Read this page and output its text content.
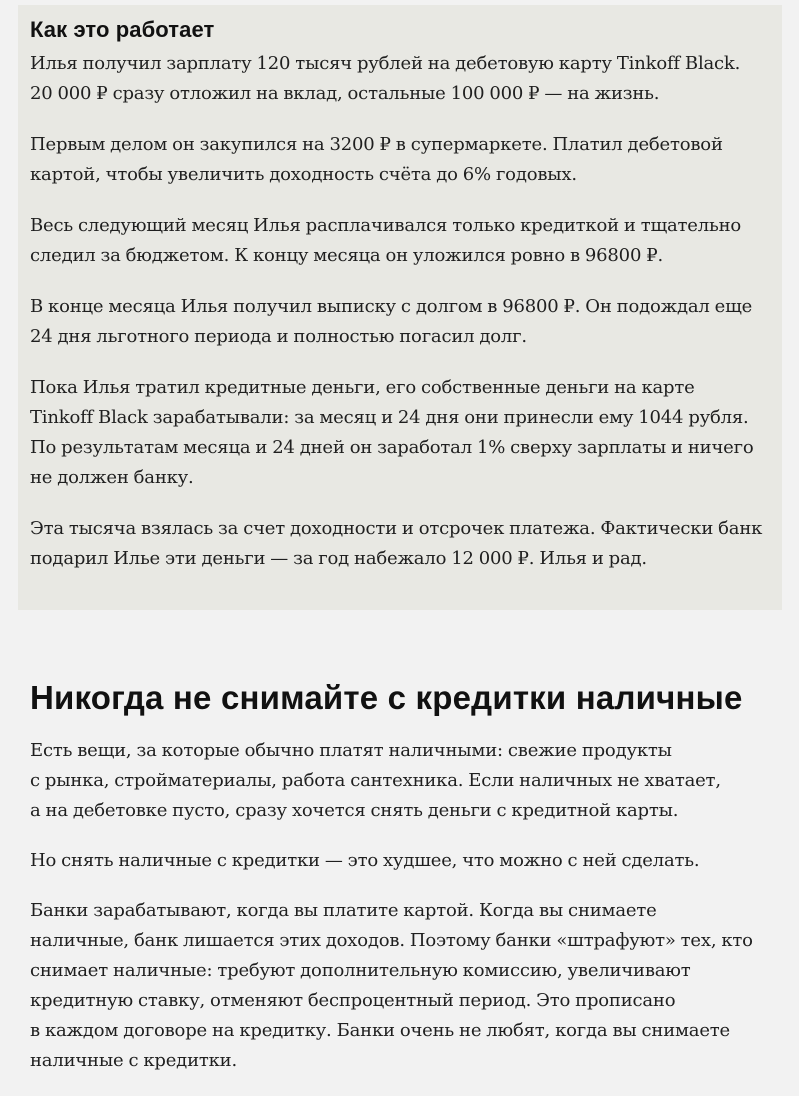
Как это работает

Илья получил зарплату 120 тысяч рублей на дебетовую карту Tinkoff Black.
20 000 ₽ сразу отложил на вклад, остальные 100 000 ₽ — на жизнь.

Первым делом он закупился на 3200 ₽ в супермаркете. Платил дебетовой
картой, чтобы увеличить доходность счёта до 6% годовых.

Весь следующий месяц Илья расплачивался только кредиткой и тщательно
следил за бюджетом. К концу месяца он уложился ровно в 96800 ₽.

В конце месяца Илья получил выписку с долгом в 96800 ₽. Он подождал еще
24 дня льготного периода и полностью погасил долг.

Пока Илья тратил кредитные деньги, его собственные деньги на карте
Tinkoff Black зарабатывали: за месяц и 24 дня они принесли ему 1044 рубля.
По результатам месяца и 24 дней он заработал 1% сверху зарплаты и ничего
не должен банку.

Эта тысяча взялась за счет доходности и отсрочек платежа. Фактически банк
подарил Илье эти деньги — за год набежало 12 000 ₽. Илья и рад.

Никогда не снимайте с кредитки наличные

Есть вещи, за которые обычно платят наличными: свежие продукты
с рынка, стройматериалы, работа сантехника. Если наличных не хватает,
а на дебетовке пусто, сразу хочется снять деньги с кредитной карты.

Но снять наличные с кредитки — это худшее, что можно с ней сделать.

Банки зарабатывают, когда вы платите картой. Когда вы снимаете
наличные, банк лишается этих доходов. Поэтому банки «штрафуют» тех, кто
снимает наличные: требуют дополнительную комиссию, увеличивают
кредитную ставку, отменяют беспроцентный период. Это прописано
в каждом договоре на кредитку. Банки очень не любят, когда вы снимаете
наличные с кредитки.
